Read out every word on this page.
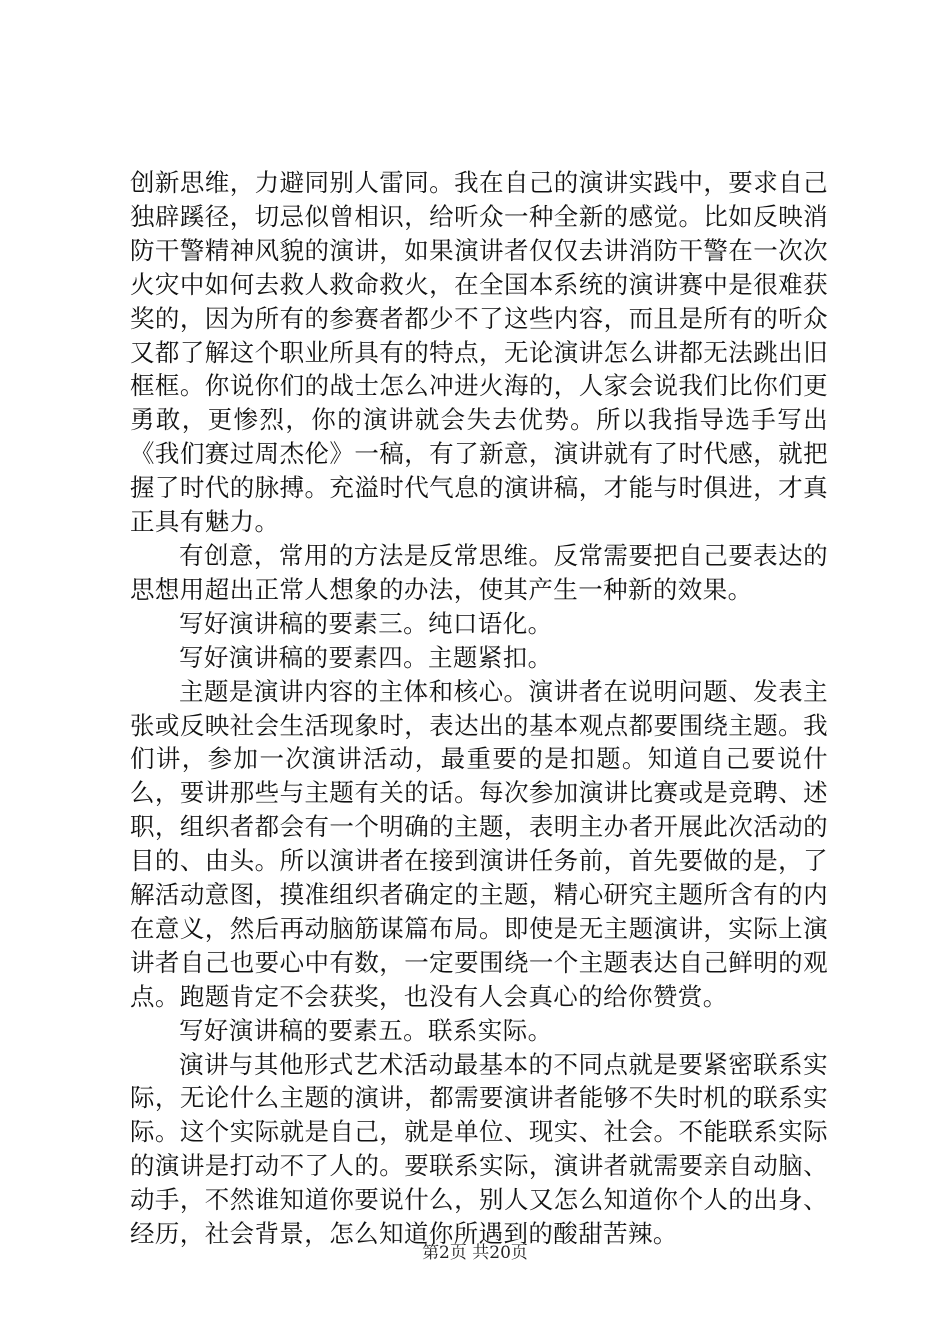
创新思维，力避同别人雷同。我在自己的演讲实践中，要求自己独辟蹊径，切忌似曾相识，给听众一种全新的感觉。比如反映消防干警精神风貌的演讲，如果演讲者仅仅去讲消防干警在一次次火灾中如何去救人救命救火，在全国本系统的演讲赛中是很难获奖的，因为所有的参赛者都少不了这些内容，而且是所有的听众又都了解这个职业所具有的特点，无论演讲怎么讲都无法跳出旧框框。你说你们的战士怎么冲进火海的，人家会说我们比你们更勇敢，更惨烈，你的演讲就会失去优势。所以我指导选手写出《我们赛过周杰伦》一稿，有了新意，演讲就有了时代感，就把握了时代的脉搏。充溢时代气息的演讲稿，才能与时俱进，才真正具有魅力。

有创意，常用的方法是反常思维。反常需要把自己要表达的思想用超出正常人想象的办法，使其产生一种新的效果。

写好演讲稿的要素三。纯口语化。

写好演讲稿的要素四。主题紧扣。

主题是演讲内容的主体和核心。演讲者在说明问题、发表主张或反映社会生活现象时，表达出的基本观点都要围绕主题。我们讲，参加一次演讲活动，最重要的是扣题。知道自己要说什么，要讲那些与主题有关的话。每次参加演讲比赛或是竞聘、述职，组织者都会有一个明确的主题，表明主办者开展此次活动的目的、由头。所以演讲者在接到演讲任务前，首先要做的是，了解活动意图，摸准组织者确定的主题，精心研究主题所含有的内在意义，然后再动脑筋谋篇布局。即使是无主题演讲，实际上演讲者自己也要心中有数，一定要围绕一个主题表达自己鲜明的观点。跑题肯定不会获奖，也没有人会真心的给你赞赏。

写好演讲稿的要素五。联系实际。

演讲与其他形式艺术活动最基本的不同点就是要紧密联系实际，无论什么主题的演讲，都需要演讲者能够不失时机的联系实际。这个实际就是自己，就是单位、现实、社会。不能联系实际的演讲是打动不了人的。要联系实际，演讲者就需要亲自动脑、动手，不然谁知道你要说什么，别人又怎么知道你个人的出身、经历，社会背景，怎么知道你所遇到的酸甜苦辣。

第2页 共20页
